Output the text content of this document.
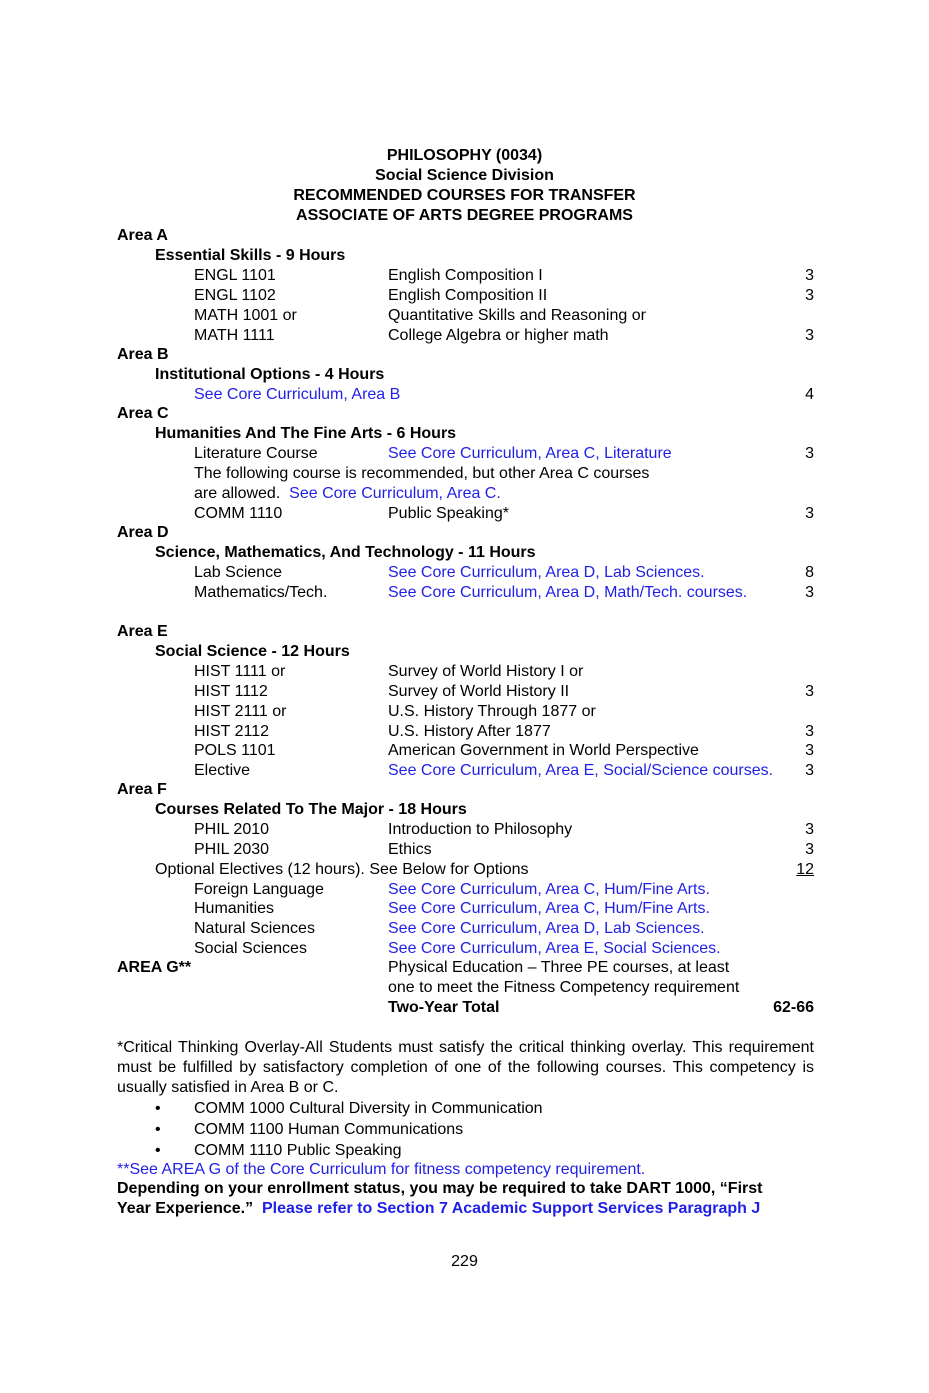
PHILOSOPHY (0034)
Social Science Division
RECOMMENDED COURSES FOR TRANSFER
ASSOCIATE OF ARTS DEGREE PROGRAMS
Area A
Essential Skills - 9 Hours
ENGL 1101	English Composition I	3
ENGL 1102	English Composition II	3
MATH 1001 or	Quantitative Skills and Reasoning or
MATH 1111	College Algebra or higher math	3
Area B
Institutional Options - 4 Hours
See Core Curriculum, Area B	4
Area C
Humanities And The Fine Arts - 6 Hours
Literature Course	See Core Curriculum, Area C, Literature	3
The following course is recommended, but other Area C courses
are allowed. See Core Curriculum, Area C.
COMM 1110	Public Speaking*	3
Area D
Science, Mathematics, And Technology - 11 Hours
Lab Science	See Core Curriculum, Area D, Lab Sciences.	8
Mathematics/Tech.	See Core Curriculum, Area D, Math/Tech. courses.	3
Area E
Social Science - 12 Hours
HIST 1111 or	Survey of World History I or
HIST 1112	Survey of World History II	3
HIST 2111 or	U.S. History Through 1877 or
HIST 2112	U.S. History After 1877	3
POLS 1101	American Government in World Perspective	3
Elective	See Core Curriculum, Area E, Social/Science courses.	3
Area F
Courses Related To The Major - 18 Hours
PHIL 2010	Introduction to Philosophy	3
PHIL 2030	Ethics	3
Optional Electives (12 hours). See Below for Options	12
Foreign Language	See Core Curriculum, Area C, Hum/Fine Arts.
Humanities	See Core Curriculum, Area C, Hum/Fine Arts.
Natural Sciences	See Core Curriculum, Area D, Lab Sciences.
Social Sciences	See Core Curriculum, Area E, Social Sciences.
AREA G**	Physical Education – Three PE courses, at least
one to meet the Fitness Competency requirement
Two-Year Total	62-66

*Critical Thinking Overlay-All Students must satisfy the critical thinking overlay. This requirement must be fulfilled by satisfactory completion of one of the following courses. This competency is usually satisfied in Area B or C.

• COMM 1000 Cultural Diversity in Communication
• COMM 1100 Human Communications
• COMM 1110 Public Speaking
**See AREA G of the Core Curriculum for fitness competency requirement.
Depending on your enrollment status, you may be required to take DART 1000, “First
Year Experience.” Please refer to Section 7 Academic Support Services Paragraph J
229
